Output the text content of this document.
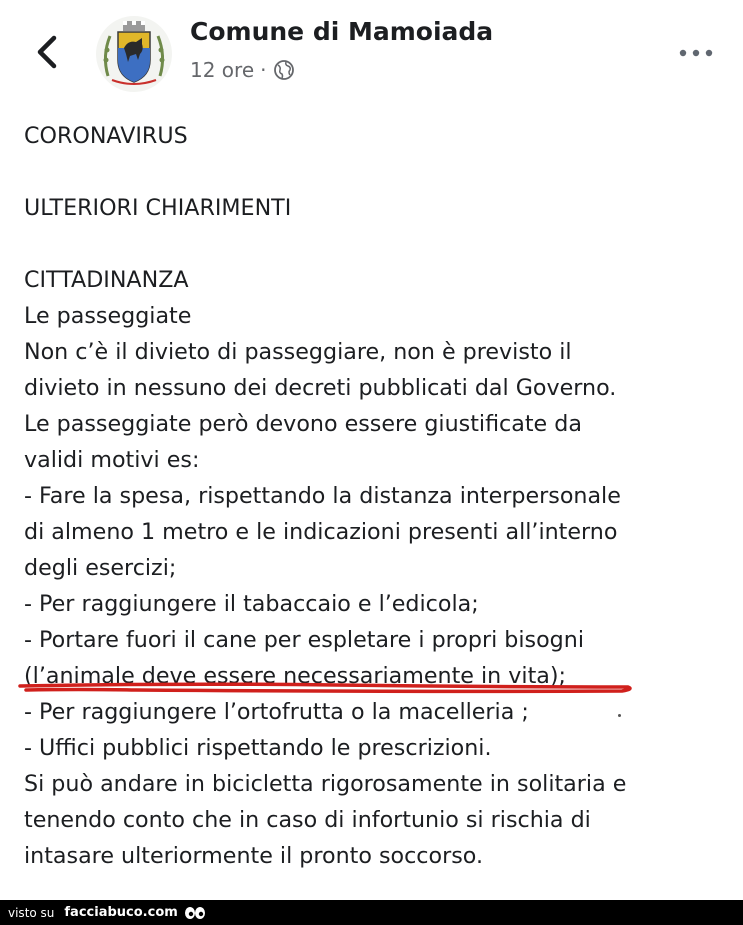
Comune di Mamoiada
12 ore ·
CORONAVIRUS
ULTERIORI CHIARIMENTI
CITTADINANZA
Le passeggiate
Non c’è il divieto di passeggiare, non è previsto il
divieto in nessuno dei decreti pubblicati dal Governo.
Le passeggiate però devono essere giustificate da
validi motivi es:
- Fare la spesa, rispettando la distanza interpersonale
di almeno 1 metro e le indicazioni presenti all’interno
degli esercizi;
- Per raggiungere il tabaccaio e l’edicola;
- Portare fuori il cane per espletare i propri bisogni
(l’animale deve essere necessariamente in vita);
- Per raggiungere l’ortofrutta o la macelleria ;
- Uffici pubblici rispettando le prescrizioni.
Si può andare in bicicletta rigorosamente in solitaria e
tenendo conto che in caso di infortunio si rischia di
intasare ulteriormente il pronto soccorso.
visto su facciabuco.com
